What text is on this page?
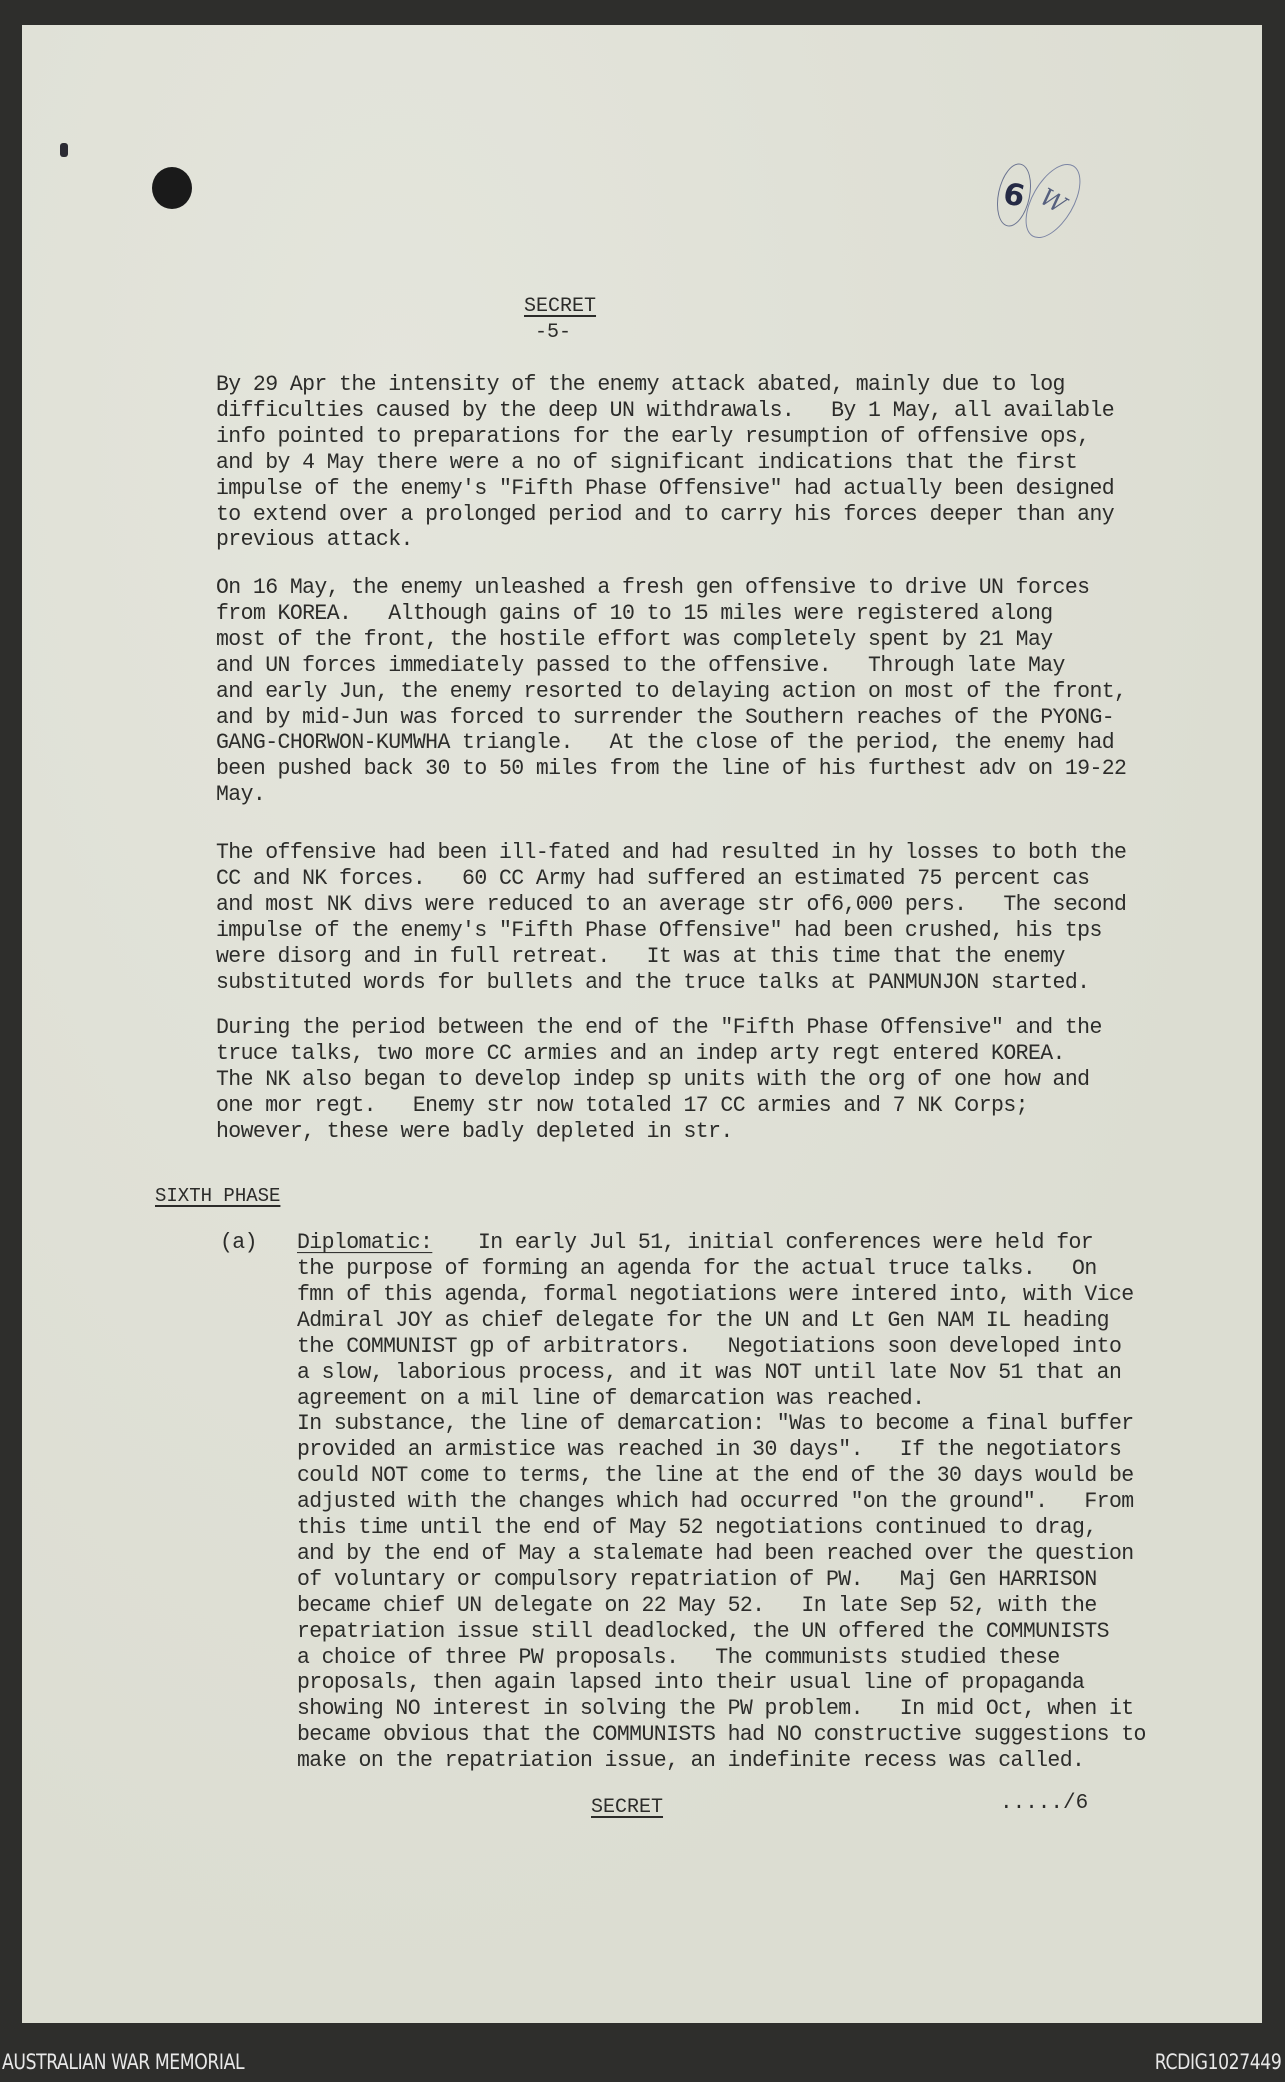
6 W
SECRET
-5-
By 29 Apr the intensity of the enemy attack abated, mainly due to log
difficulties caused by the deep UN withdrawals.   By 1 May, all available
info pointed to preparations for the early resumption of offensive ops,
and by 4 May there were a no of significant indications that the first
impulse of the enemy's "Fifth Phase Offensive" had actually been designed
to extend over a prolonged period and to carry his forces deeper than any
previous attack.
On 16 May, the enemy unleashed a fresh gen offensive to drive UN forces
from KOREA.   Although gains of 10 to 15 miles were registered along
most of the front, the hostile effort was completely spent by 21 May
and UN forces immediately passed to the offensive.   Through late May
and early Jun, the enemy resorted to delaying action on most of the front,
and by mid-Jun was forced to surrender the Southern reaches of the PYONG-
GANG-CHORWON-KUMWHA triangle.   At the close of the period, the enemy had
been pushed back 30 to 50 miles from the line of his furthest adv on 19-22
May.
The offensive had been ill-fated and had resulted in hy losses to both the
CC and NK forces.   60 CC Army had suffered an estimated 75 percent cas
and most NK divs were reduced to an average str of6,000 pers.   The second
impulse of the enemy's "Fifth Phase Offensive" had been crushed, his tps
were disorg and in full retreat.   It was at this time that the enemy
substituted words for bullets and the truce talks at PANMUNJON started.
During the period between the end of the "Fifth Phase Offensive" and the
truce talks, two more CC armies and an indep arty regt entered KOREA.
The NK also began to develop indep sp units with the org of one how and
one mor regt.   Enemy str now totaled 17 CC armies and 7 NK Corps;
however, these were badly depleted in str.
SIXTH PHASE
(a) Diplomatic: In early Jul 51, initial conferences were held for
the purpose of forming an agenda for the actual truce talks.   On
fmn of this agenda, formal negotiations were intered into, with Vice
Admiral JOY as chief delegate for the UN and Lt Gen NAM IL heading
the COMMUNIST gp of arbitrators.   Negotiations soon developed into
a slow, laborious process, and it was NOT until late Nov 51 that an
agreement on a mil line of demarcation was reached.
In substance, the line of demarcation: "Was to become a final buffer
provided an armistice was reached in 30 days".   If the negotiators
could NOT come to terms, the line at the end of the 30 days would be
adjusted with the changes which had occurred "on the ground".   From
this time until the end of May 52 negotiations continued to drag,
and by the end of May a stalemate had been reached over the question
of voluntary or compulsory repatriation of PW.   Maj Gen HARRISON
became chief UN delegate on 22 May 52.   In late Sep 52, with the
repatriation issue still deadlocked, the UN offered the COMMUNISTS
a choice of three PW proposals.   The communists studied these
proposals, then again lapsed into their usual line of propaganda
showing NO interest in solving the PW problem.   In mid Oct, when it
became obvious that the COMMUNISTS had NO constructive suggestions to
make on the repatriation issue, an indefinite recess was called.
SECRET	...../6
AUSTRALIAN WAR MEMORIAL	RCDIG1027449
